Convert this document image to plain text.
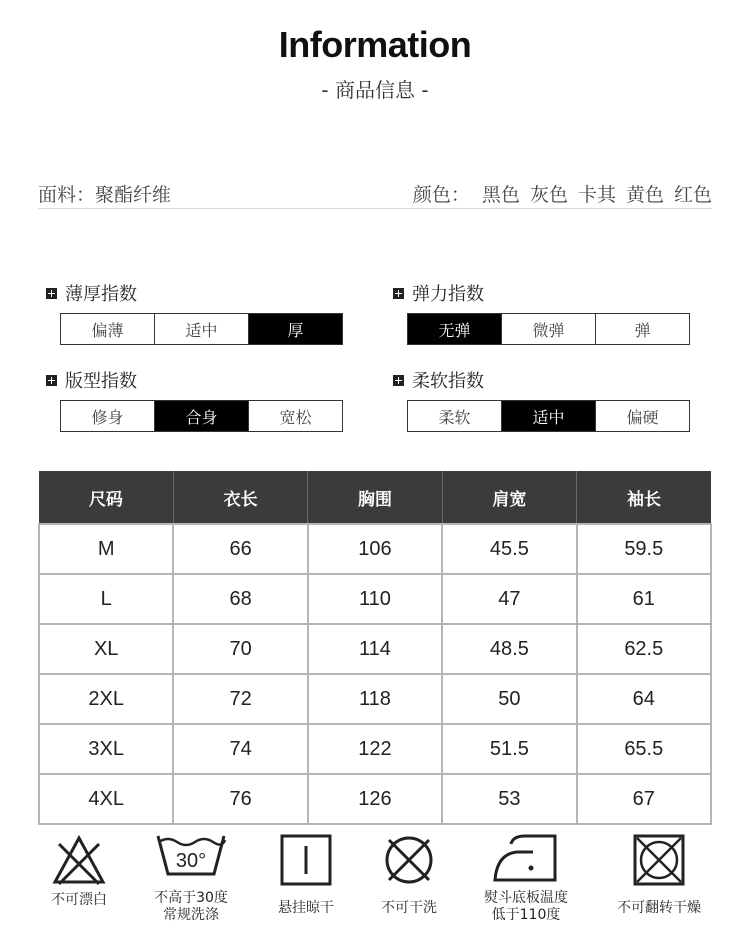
Information
- 商品信息 -
面料：聚酯纤维	颜色： 黑色 灰色 卡其 黄色 红色
薄厚指数
偏薄	适中	厚
弹力指数
无弹	微弹	弹
版型指数
修身	合身	宽松
柔软指数
柔软	适中	偏硬
尺码	衣长	胸围	肩宽	袖长
M	66	106	45.5	59.5
L	68	110	47	61
XL	70	114	48.5	62.5
2XL	72	118	50	64
3XL	74	122	51.5	65.5
4XL	76	126	53	67
不可漂白
30°
不高于30度
常规洗涤	悬挂晾干	不可干洗
熨斗底板温度
低于110度	不可翻转干燥
